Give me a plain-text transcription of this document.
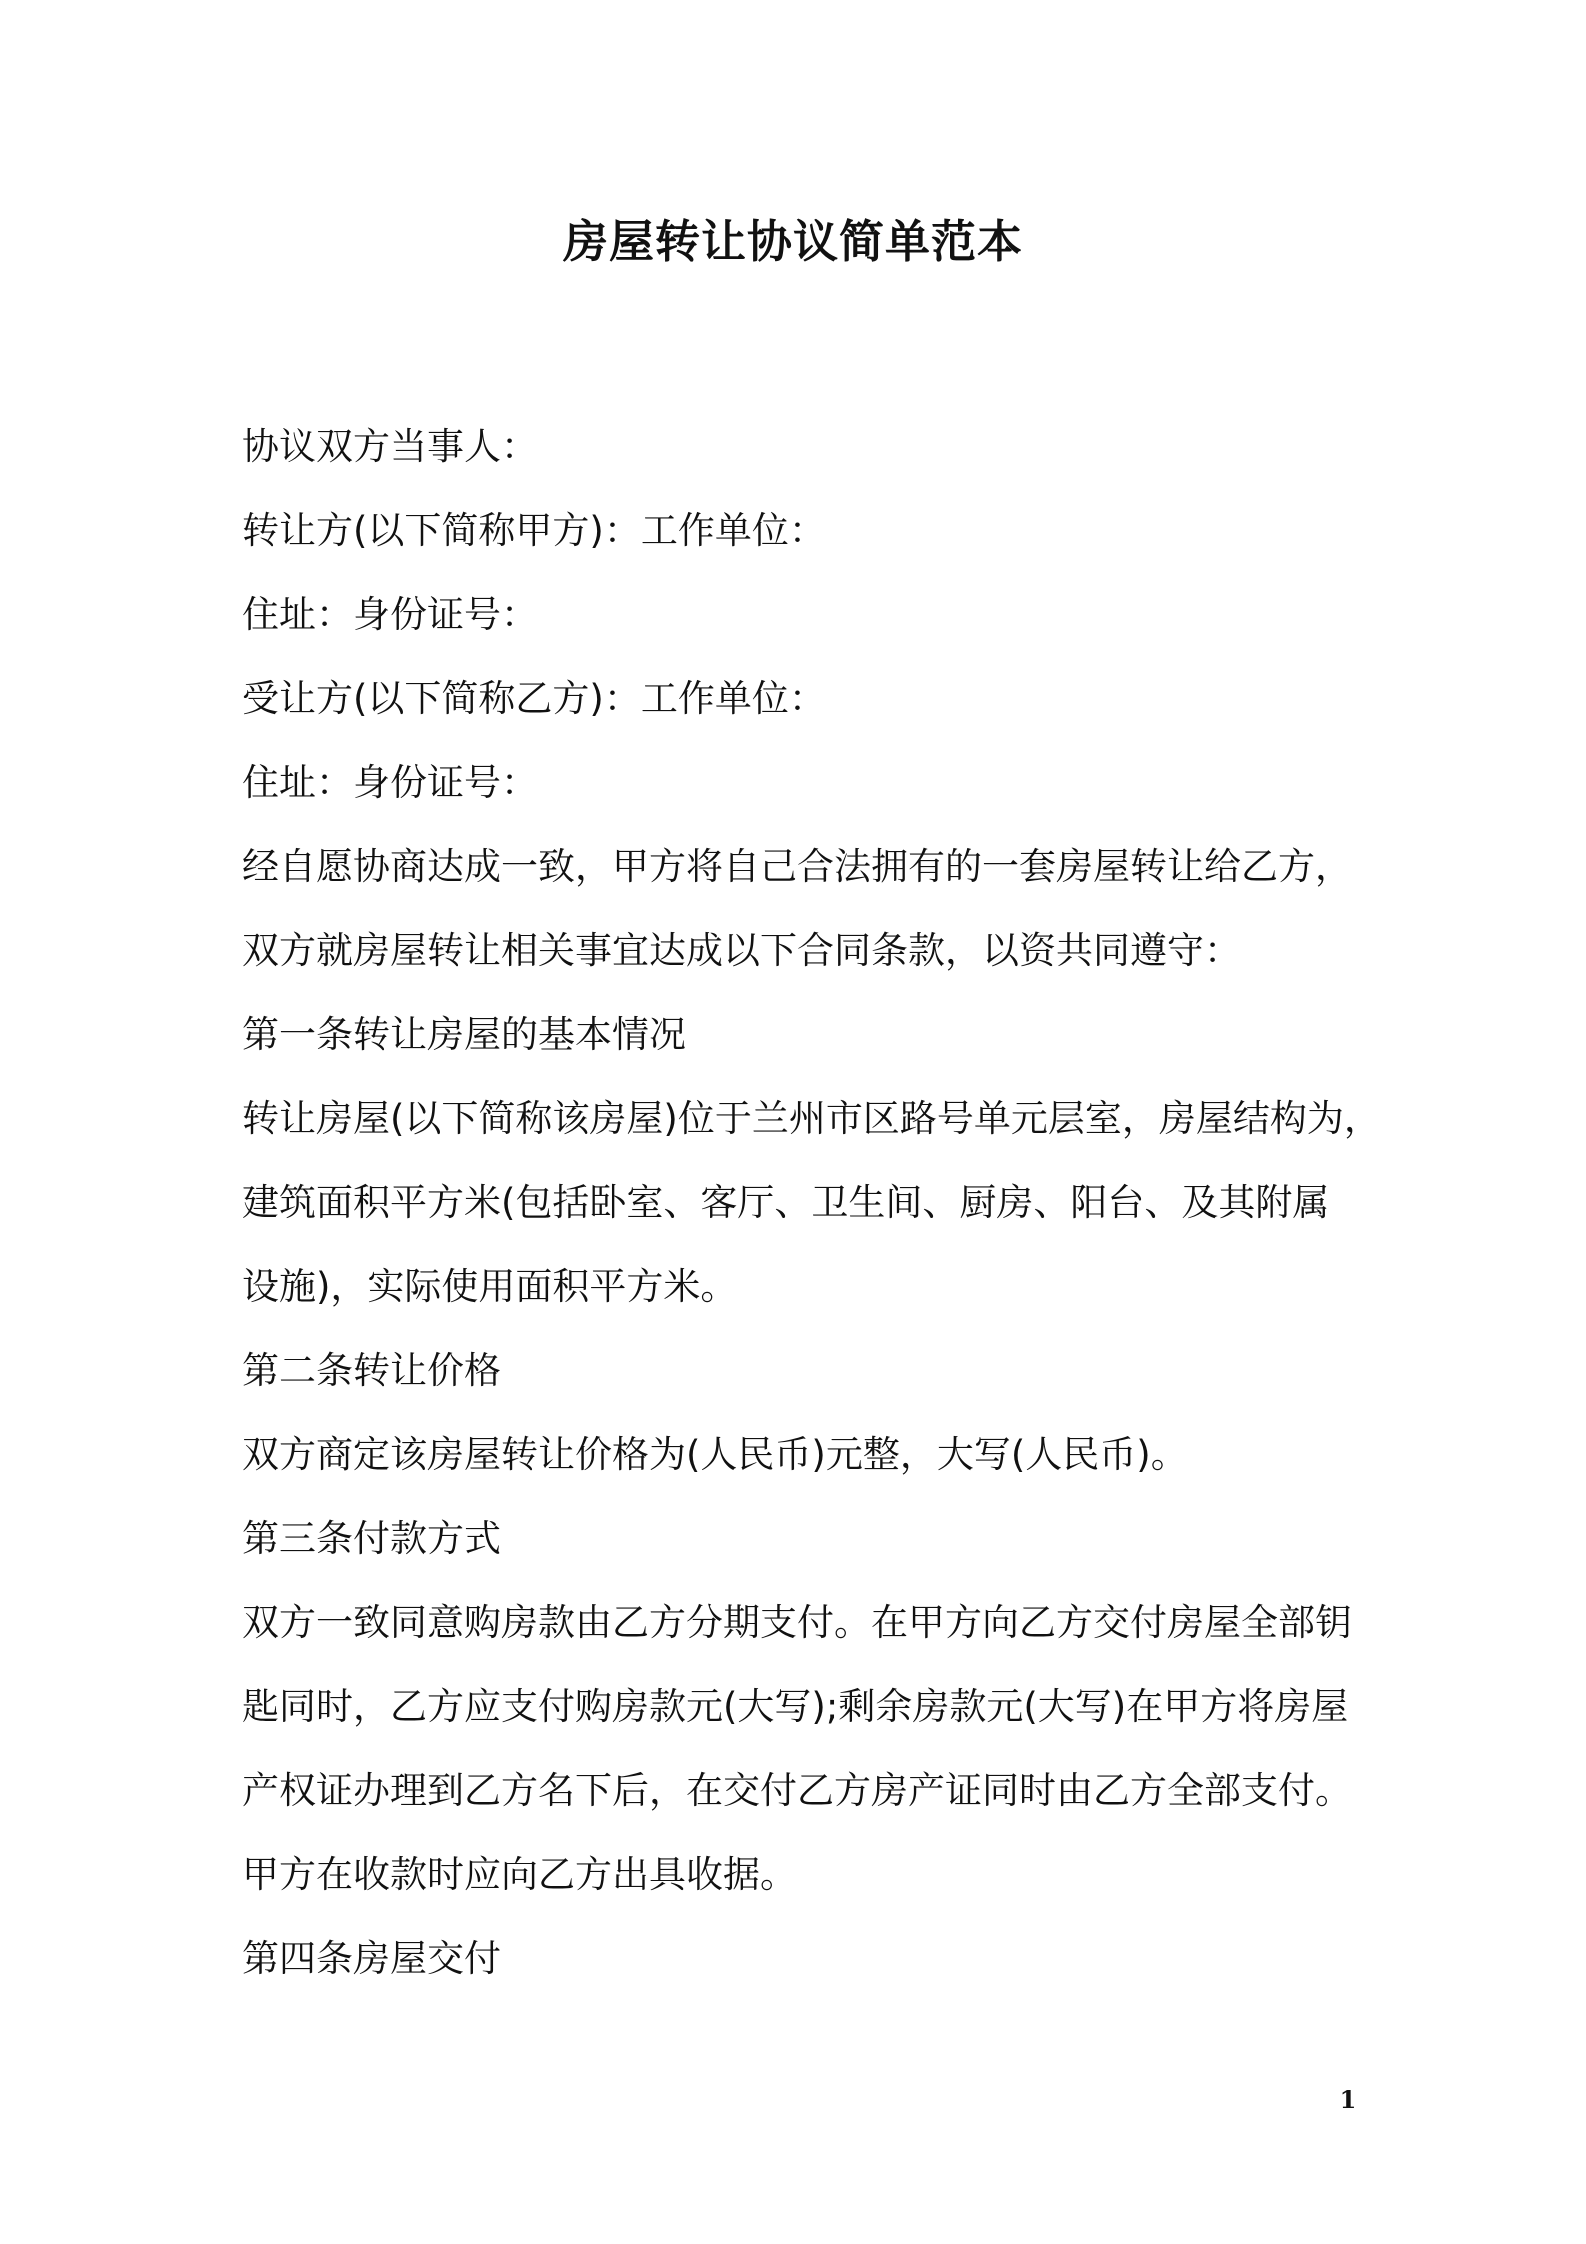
房屋转让协议简单范本

协议双方当事人：

转让方(以下简称甲方)：工作单位：

住址：身份证号：

受让方(以下简称乙方)：工作单位：

住址：身份证号：

经自愿协商达成一致，甲方将自己合法拥有的一套房屋转让给乙方，

双方就房屋转让相关事宜达成以下合同条款，以资共同遵守：

第一条转让房屋的基本情况

转让房屋(以下简称该房屋)位于兰州市区路号单元层室，房屋结构为，

建筑面积平方米(包括卧室、客厅、卫生间、厨房、阳台、及其附属

设施)，实际使用面积平方米。

第二条转让价格

双方商定该房屋转让价格为(人民币)元整，大写(人民币)。

第三条付款方式

双方一致同意购房款由乙方分期支付。在甲方向乙方交付房屋全部钥

匙同时，乙方应支付购房款元(大写);剩余房款元(大写)在甲方将房屋

产权证办理到乙方名下后，在交付乙方房产证同时由乙方全部支付。

甲方在收款时应向乙方出具收据。

第四条房屋交付

1
